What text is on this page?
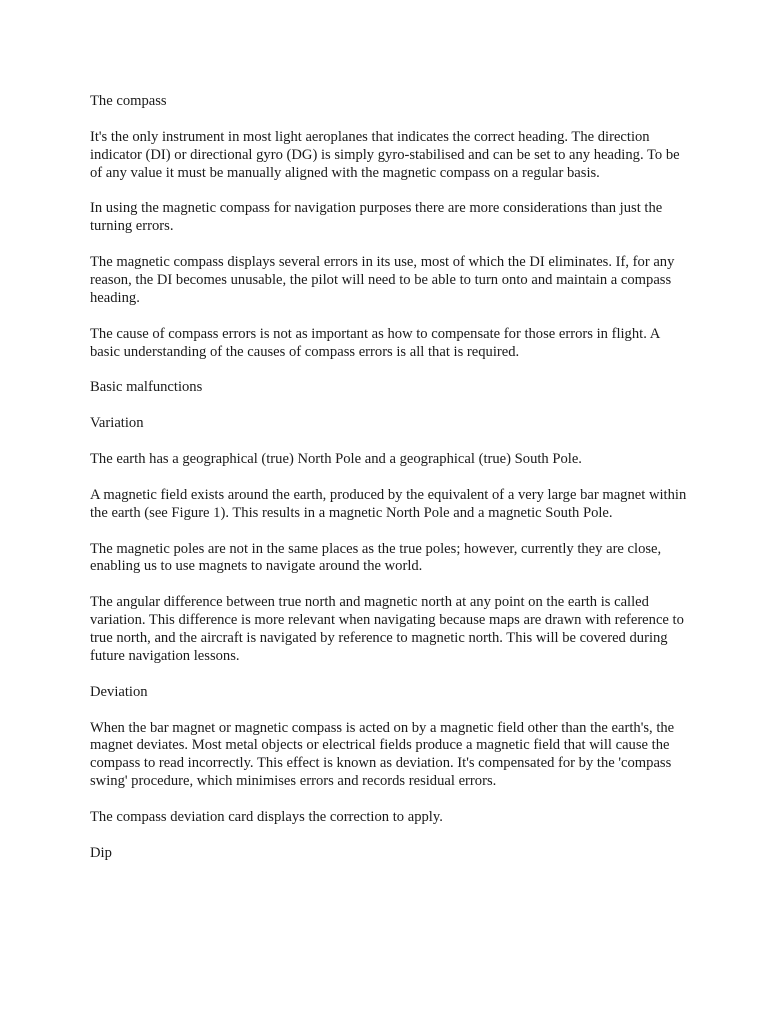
The compass

It's the only instrument in most light aeroplanes that indicates the correct heading. The direction indicator (DI) or directional gyro (DG) is simply gyro-stabilised and can be set to any heading. To be of any value it must be manually aligned with the magnetic compass on a regular basis.

In using the magnetic compass for navigation purposes there are more considerations than just the turning errors.

The magnetic compass displays several errors in its use, most of which the DI eliminates. If, for any reason, the DI becomes unusable, the pilot will need to be able to turn onto and maintain a compass heading.

The cause of compass errors is not as important as how to compensate for those errors in flight. A basic understanding of the causes of compass errors is all that is required.

Basic malfunctions

Variation

The earth has a geographical (true) North Pole and a geographical (true) South Pole.

A magnetic field exists around the earth, produced by the equivalent of a very large bar magnet within the earth (see Figure 1). This results in a magnetic North Pole and a magnetic South Pole.

The magnetic poles are not in the same places as the true poles; however, currently they are close, enabling us to use magnets to navigate around the world.

The angular difference between true north and magnetic north at any point on the earth is called variation. This difference is more relevant when navigating because maps are drawn with reference to true north, and the aircraft is navigated by reference to magnetic north. This will be covered during future navigation lessons.

Deviation

When the bar magnet or magnetic compass is acted on by a magnetic field other than the earth's, the magnet deviates. Most metal objects or electrical fields produce a magnetic field that will cause the compass to read incorrectly. This effect is known as deviation. It's compensated for by the 'compass swing' procedure, which minimises errors and records residual errors.

The compass deviation card displays the correction to apply.

Dip
